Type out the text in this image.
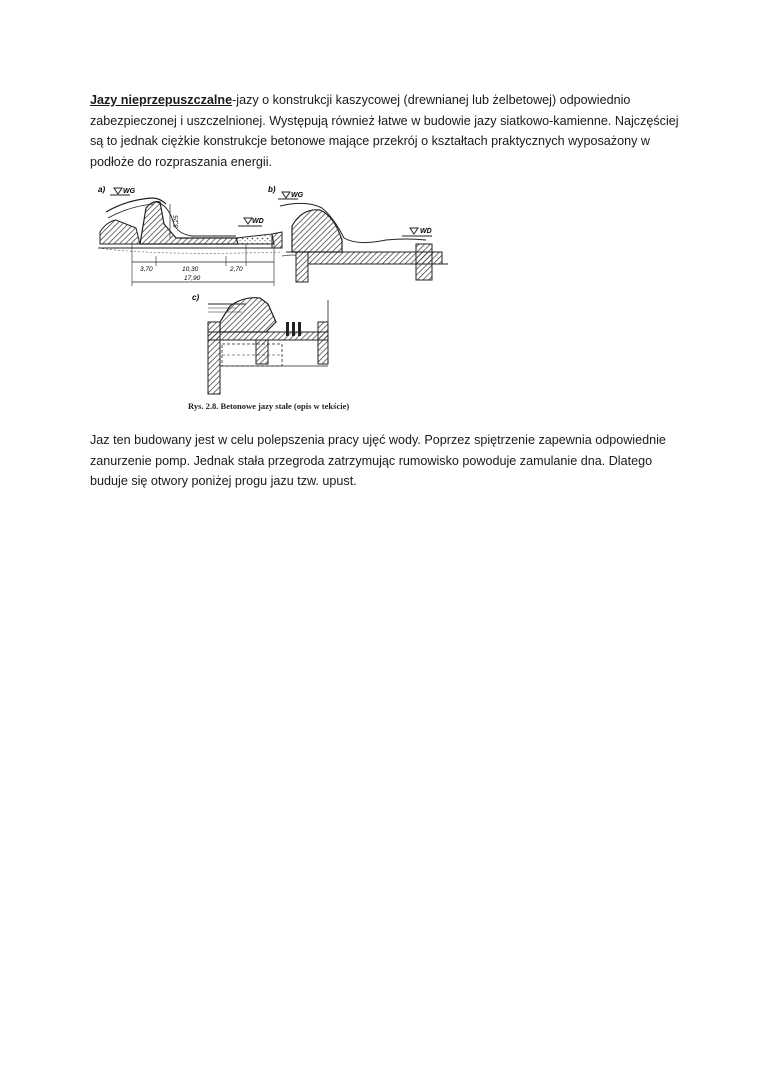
Jazy nieprzepuszczalne-jazy o konstrukcji kaszycowej (drewnianej lub żelbetowej) odpowiednio zabezpieczonej i uszczelnionej. Występują również łatwe w budowie jazy siatkowo-kamienne. Najczęściej są to jednak ciężkie konstrukcje betonowe mające przekrój o kształtach praktycznych wyposażony w podłoże do rozpraszania energii.

a)	WG
5,25	WD
3,70	10,30	2,70
17,90
b)
WG
WD
c)
Rys. 2.8. Betonowe jazy stałe (opis w tekście)

Jaz ten budowany jest w celu polepszenia pracy ujęć wody. Poprzez spiętrzenie zapewnia odpowiednie zanurzenie pomp. Jednak stała przegroda zatrzymując rumowisko powoduje zamulanie dna. Dlatego buduje się otwory poniżej progu jazu tzw. upust.
